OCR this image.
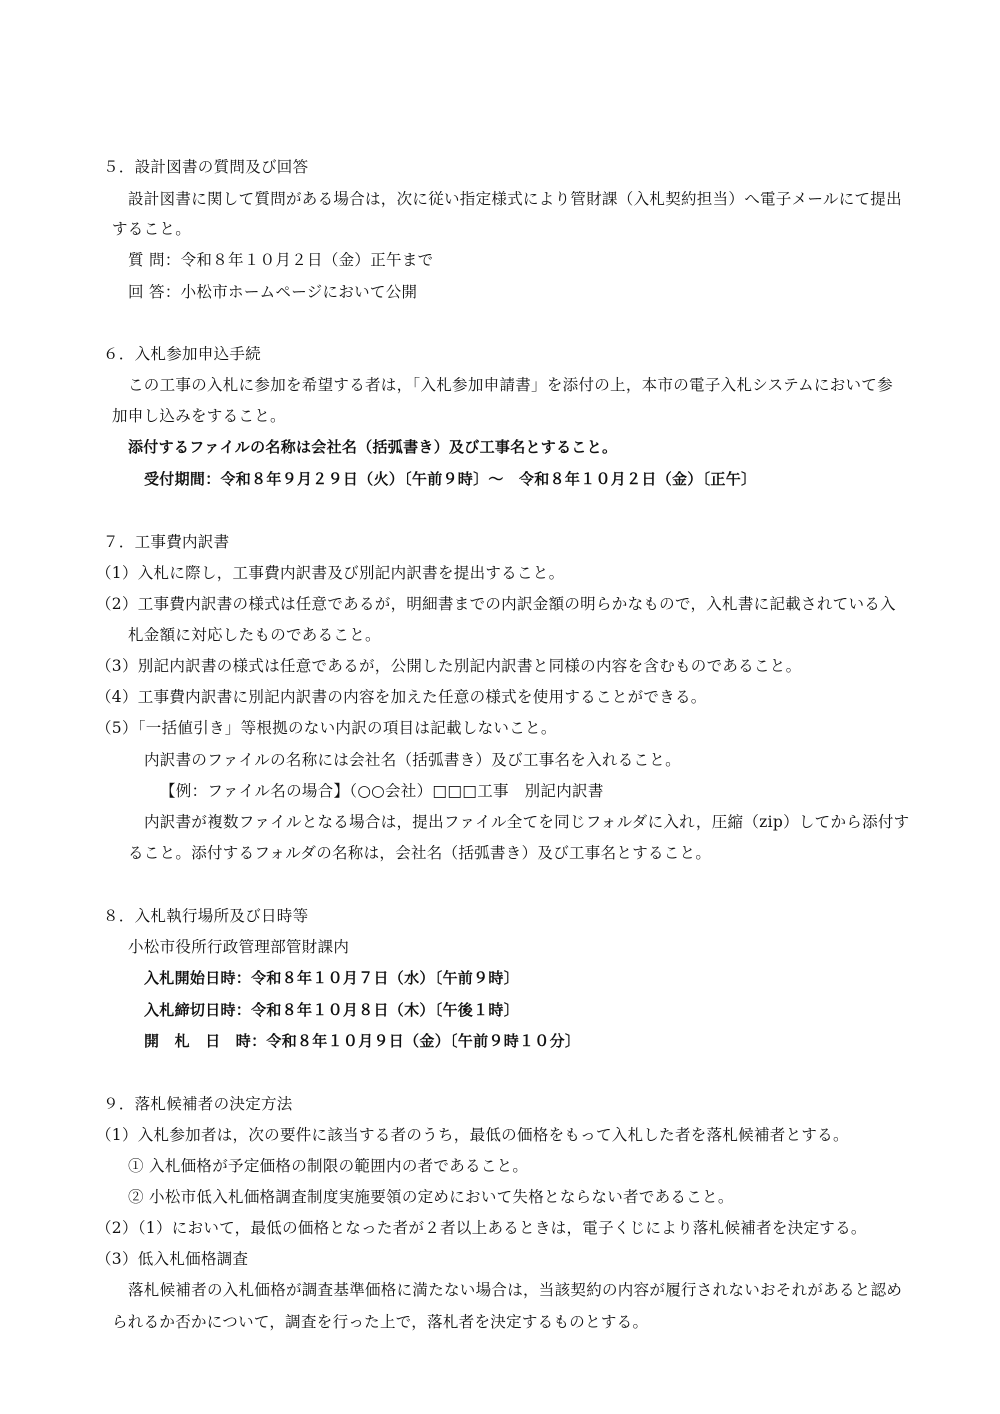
５．設計図書の質問及び回答
設計図書に関して質問がある場合は，次に従い指定様式により管財課（入札契約担当）へ電子メールにて提出
すること。
質 問：令和８年１０月２日（金）正午まで
回 答：小松市ホームページにおいて公開
６．入札参加申込手続
この工事の入札に参加を希望する者は，「入札参加申請書」を添付の上，本市の電子入札システムにおいて参
加申し込みをすること。
添付するファイルの名称は会社名（括弧書き）及び工事名とすること。
受付期間：令和８年９月２９日（火）〔午前９時〕～　令和８年１０月２日（金）〔正午〕
７．工事費内訳書
（1）入札に際し，工事費内訳書及び別記内訳書を提出すること。
（2）工事費内訳書の様式は任意であるが，明細書までの内訳金額の明らかなもので，入札書に記載されている入
札金額に対応したものであること。
（3）別記内訳書の様式は任意であるが，公開した別記内訳書と同様の内容を含むものであること。
（4）工事費内訳書に別記内訳書の内容を加えた任意の様式を使用することができる。
（5）「一括値引き」等根拠のない内訳の項目は記載しないこと。
内訳書のファイルの名称には会社名（括弧書き）及び工事名を入れること。
【例：ファイル名の場合】（○○会社）□□□工事　別記内訳書
内訳書が複数ファイルとなる場合は，提出ファイル全てを同じフォルダに入れ，圧縮（zip）してから添付す
ること。添付するフォルダの名称は，会社名（括弧書き）及び工事名とすること。
８．入札執行場所及び日時等
小松市役所行政管理部管財課内
入札開始日時：令和８年１０月７日（水）〔午前９時〕
入札締切日時：令和８年１０月８日（木）〔午後１時〕
開　札　日　時：令和８年１０月９日（金）〔午前９時１０分〕
９．落札候補者の決定方法
（1）入札参加者は，次の要件に該当する者のうち，最低の価格をもって入札した者を落札候補者とする。
① 入札価格が予定価格の制限の範囲内の者であること。
② 小松市低入札価格調査制度実施要領の定めにおいて失格とならない者であること。
（2）（1）において，最低の価格となった者が２者以上あるときは，電子くじにより落札候補者を決定する。
（3）低入札価格調査
落札候補者の入札価格が調査基準価格に満たない場合は，当該契約の内容が履行されないおそれがあると認め
られるか否かについて，調査を行った上で，落札者を決定するものとする。
